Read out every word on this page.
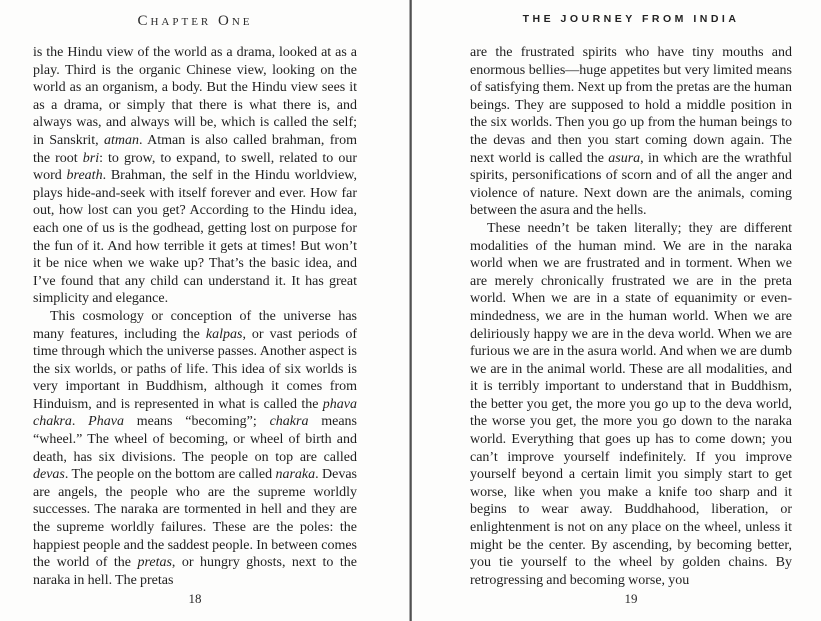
Chapter One

is the Hindu view of the world as a drama, looked at as a play. Third is the organic Chinese view, looking on the world as an organism, a body. But the Hindu view sees it as a drama, or simply that there is what there is, and always was, and always will be, which is called the self; in Sanskrit, atman. Atman is also called brahman, from the root bri: to grow, to expand, to swell, related to our word breath. Brahman, the self in the Hindu worldview, plays hide-and-seek with itself forever and ever. How far out, how lost can you get? According to the Hindu idea, each one of us is the godhead, getting lost on purpose for the fun of it. And how terrible it gets at times! But won’t it be nice when we wake up? That’s the basic idea, and I’ve found that any child can understand it. It has great simplicity and elegance.

This cosmology or conception of the universe has many features, including the kalpas, or vast periods of time through which the universe passes. Another aspect is the six worlds, or paths of life. This idea of six worlds is very important in Buddhism, although it comes from Hinduism, and is represented in what is called the phava chakra. Phava means “becoming”; chakra means “wheel.” The wheel of becoming, or wheel of birth and death, has six divisions. The people on top are called devas. The people on the bottom are called naraka. Devas are angels, the people who are the supreme worldly successes. The naraka are tormented in hell and they are the supreme worldly failures. These are the poles: the happiest people and the saddest people. In between comes the world of the pretas, or hungry ghosts, next to the naraka in hell. The pretas

18
THE JOURNEY FROM INDIA

are the frustrated spirits who have tiny mouths and enormous bellies—huge appetites but very limited means of satisfying them. Next up from the pretas are the human beings. They are supposed to hold a middle position in the six worlds. Then you go up from the human beings to the devas and then you start coming down again. The next world is called the asura, in which are the wrathful spirits, personifications of scorn and of all the anger and violence of nature. Next down are the animals, coming between the asura and the hells.

These needn’t be taken literally; they are different modalities of the human mind. We are in the naraka world when we are frustrated and in torment. When we are merely chronically frustrated we are in the preta world. When we are in a state of equanimity or even-mindedness, we are in the human world. When we are deliriously happy we are in the deva world. When we are furious we are in the asura world. And when we are dumb we are in the animal world. These are all modalities, and it is terribly important to understand that in Buddhism, the better you get, the more you go up to the deva world, the worse you get, the more you go down to the naraka world. Everything that goes up has to come down; you can’t improve yourself indefinitely. If you improve yourself beyond a certain limit you simply start to get worse, like when you make a knife too sharp and it begins to wear away. Buddhahood, liberation, or enlightenment is not on any place on the wheel, unless it might be the center. By ascending, by becoming better, you tie yourself to the wheel by golden chains. By retrogressing and becoming worse, you

19
